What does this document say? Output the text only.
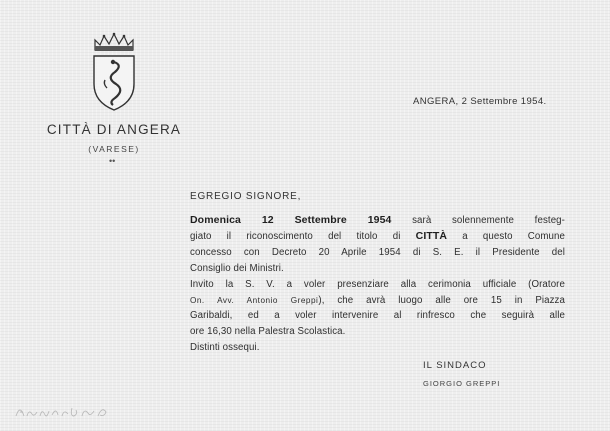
CITTÀ DI ANGERA
(VARESE)
••
ANGERA, 2 Settembre 1954.
EGREGIO SIGNORE,
Domenica 12 Settembre 1954 sarà solennemente festeg-
giato il riconoscimento del titolo di CITTÀ a questo Comune
concesso con Decreto 20 Aprile 1954 di S. E. il Presidente del
Consiglio dei Ministri.
Invito la S. V. a voler presenziare alla cerimonia ufficiale (Oratore
On. Avv. Antonio Greppi), che avrà luogo alle ore 15 in Piazza
Garibaldi, ed a voler intervenire al rinfresco che seguirà alle
ore 16,30 nella Palestra Scolastica.
Distinti ossequi.
IL SINDACO
GIORGIO GREPPI
